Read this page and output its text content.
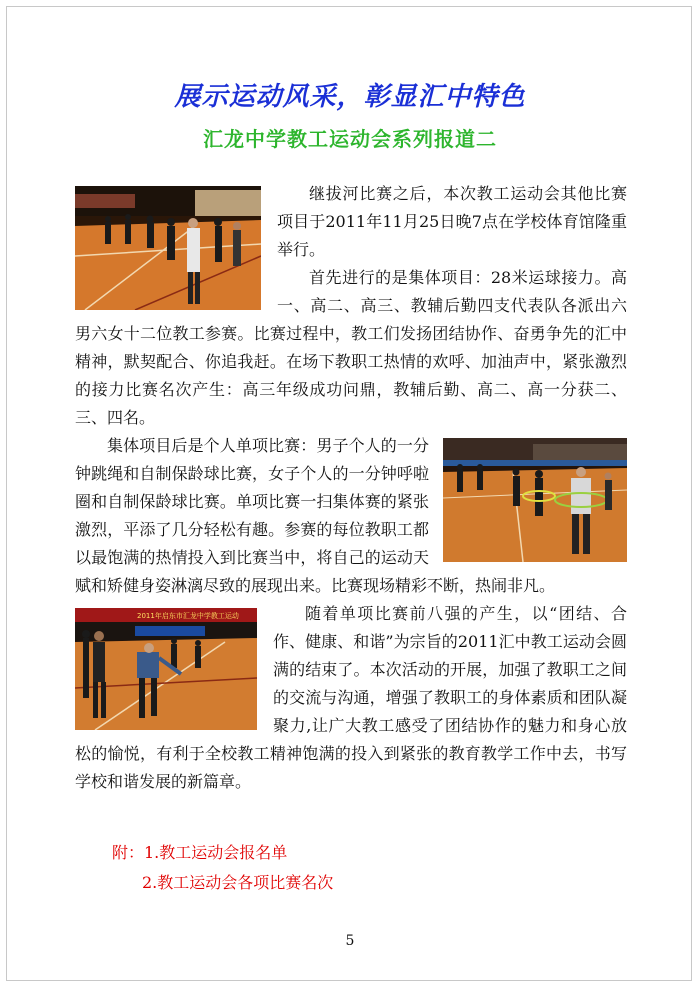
展示运动风采，彰显汇中特色
汇龙中学教工运动会系列报道二

继拔河比赛之后，本次教工运动会其他比赛项目于2011年11月25日晚7点在学校体育馆隆重举行。

首先进行的是集体项目：28米运球接力。高一、高二、高三、教辅后勤四支代表队各派出六男六女十二位教工参赛。比赛过程中，教工们发扬团结协作、奋勇争先的汇中精神，默契配合、你追我赶。在场下教职工热情的欢呼、加油声中，紧张激烈的接力比赛名次产生：高三年级成功问鼎，教辅后勤、高二、高一分获二、三、四名。

集体项目后是个人单项比赛：男子个人的一分钟跳绳和自制保龄球比赛，女子个人的一分钟呼啦圈和自制保龄球比赛。单项比赛一扫集体赛的紧张激烈，平添了几分轻松有趣。参赛的每位教职工都以最饱满的热情投入到比赛当中，将自己的运动天赋和矫健身姿淋漓尽致的展现出来。比赛现场精彩不断，热闹非凡。

2011年启东市汇龙中学教工运动	随着单项比赛前八强的产生，以“团结、合作、健康、和谐”为宗旨的2011汇中教工运动会圆满的结束了。本次活动的开展，加强了教职工之间的交流与沟通，增强了教职工的身体素质和团队凝聚力,让广大教工感受了团结协作的魅力和身心放松的愉悦，有利于全校教工精神饱满的投入到紧张的教育教学工作中去，书写学校和谐发展的新篇章。

附：1.教工运动会报名单
2.教工运动会各项比赛名次
5
